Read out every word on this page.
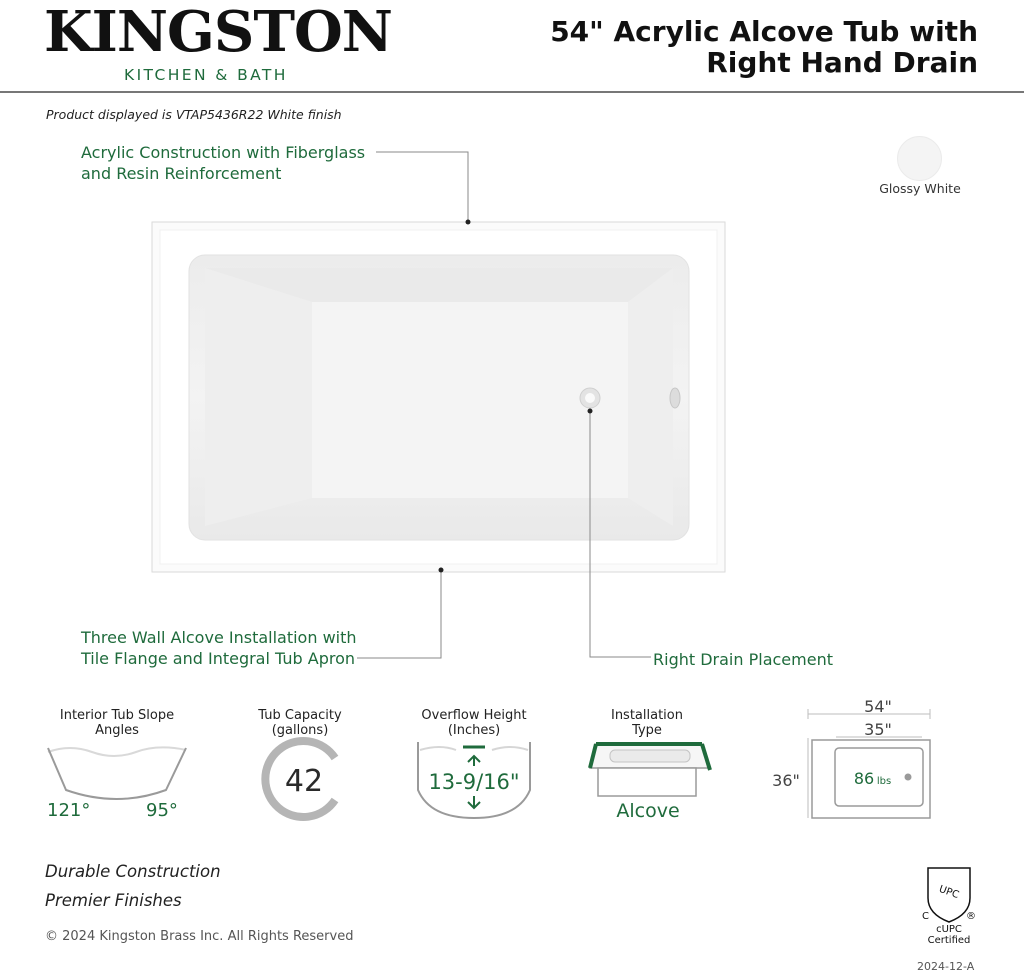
KINGSTON
KITCHEN & BATH
54" Acrylic Alcove Tub with
Right Hand Drain
Product displayed is VTAP5436R22 White finish
Glossy White
Acrylic Construction with Fiberglass
and Resin Reinforcement
Three Wall Alcove Installation with
Tile Flange and Integral Tub Apron	Right Drain Placement
Interior Tub Slope
Angles
121°	95°
Tub Capacity
(gallons)
42
Overflow Height
(Inches)
13-9/16"
Installation
Type
Alcove
54"
35"
36"	86 lbs
Durable Construction
Premier Finishes
© 2024 Kingston Brass Inc. All Rights Reserved
2024-12-A
UPC
C	®
cUPC
Certified
